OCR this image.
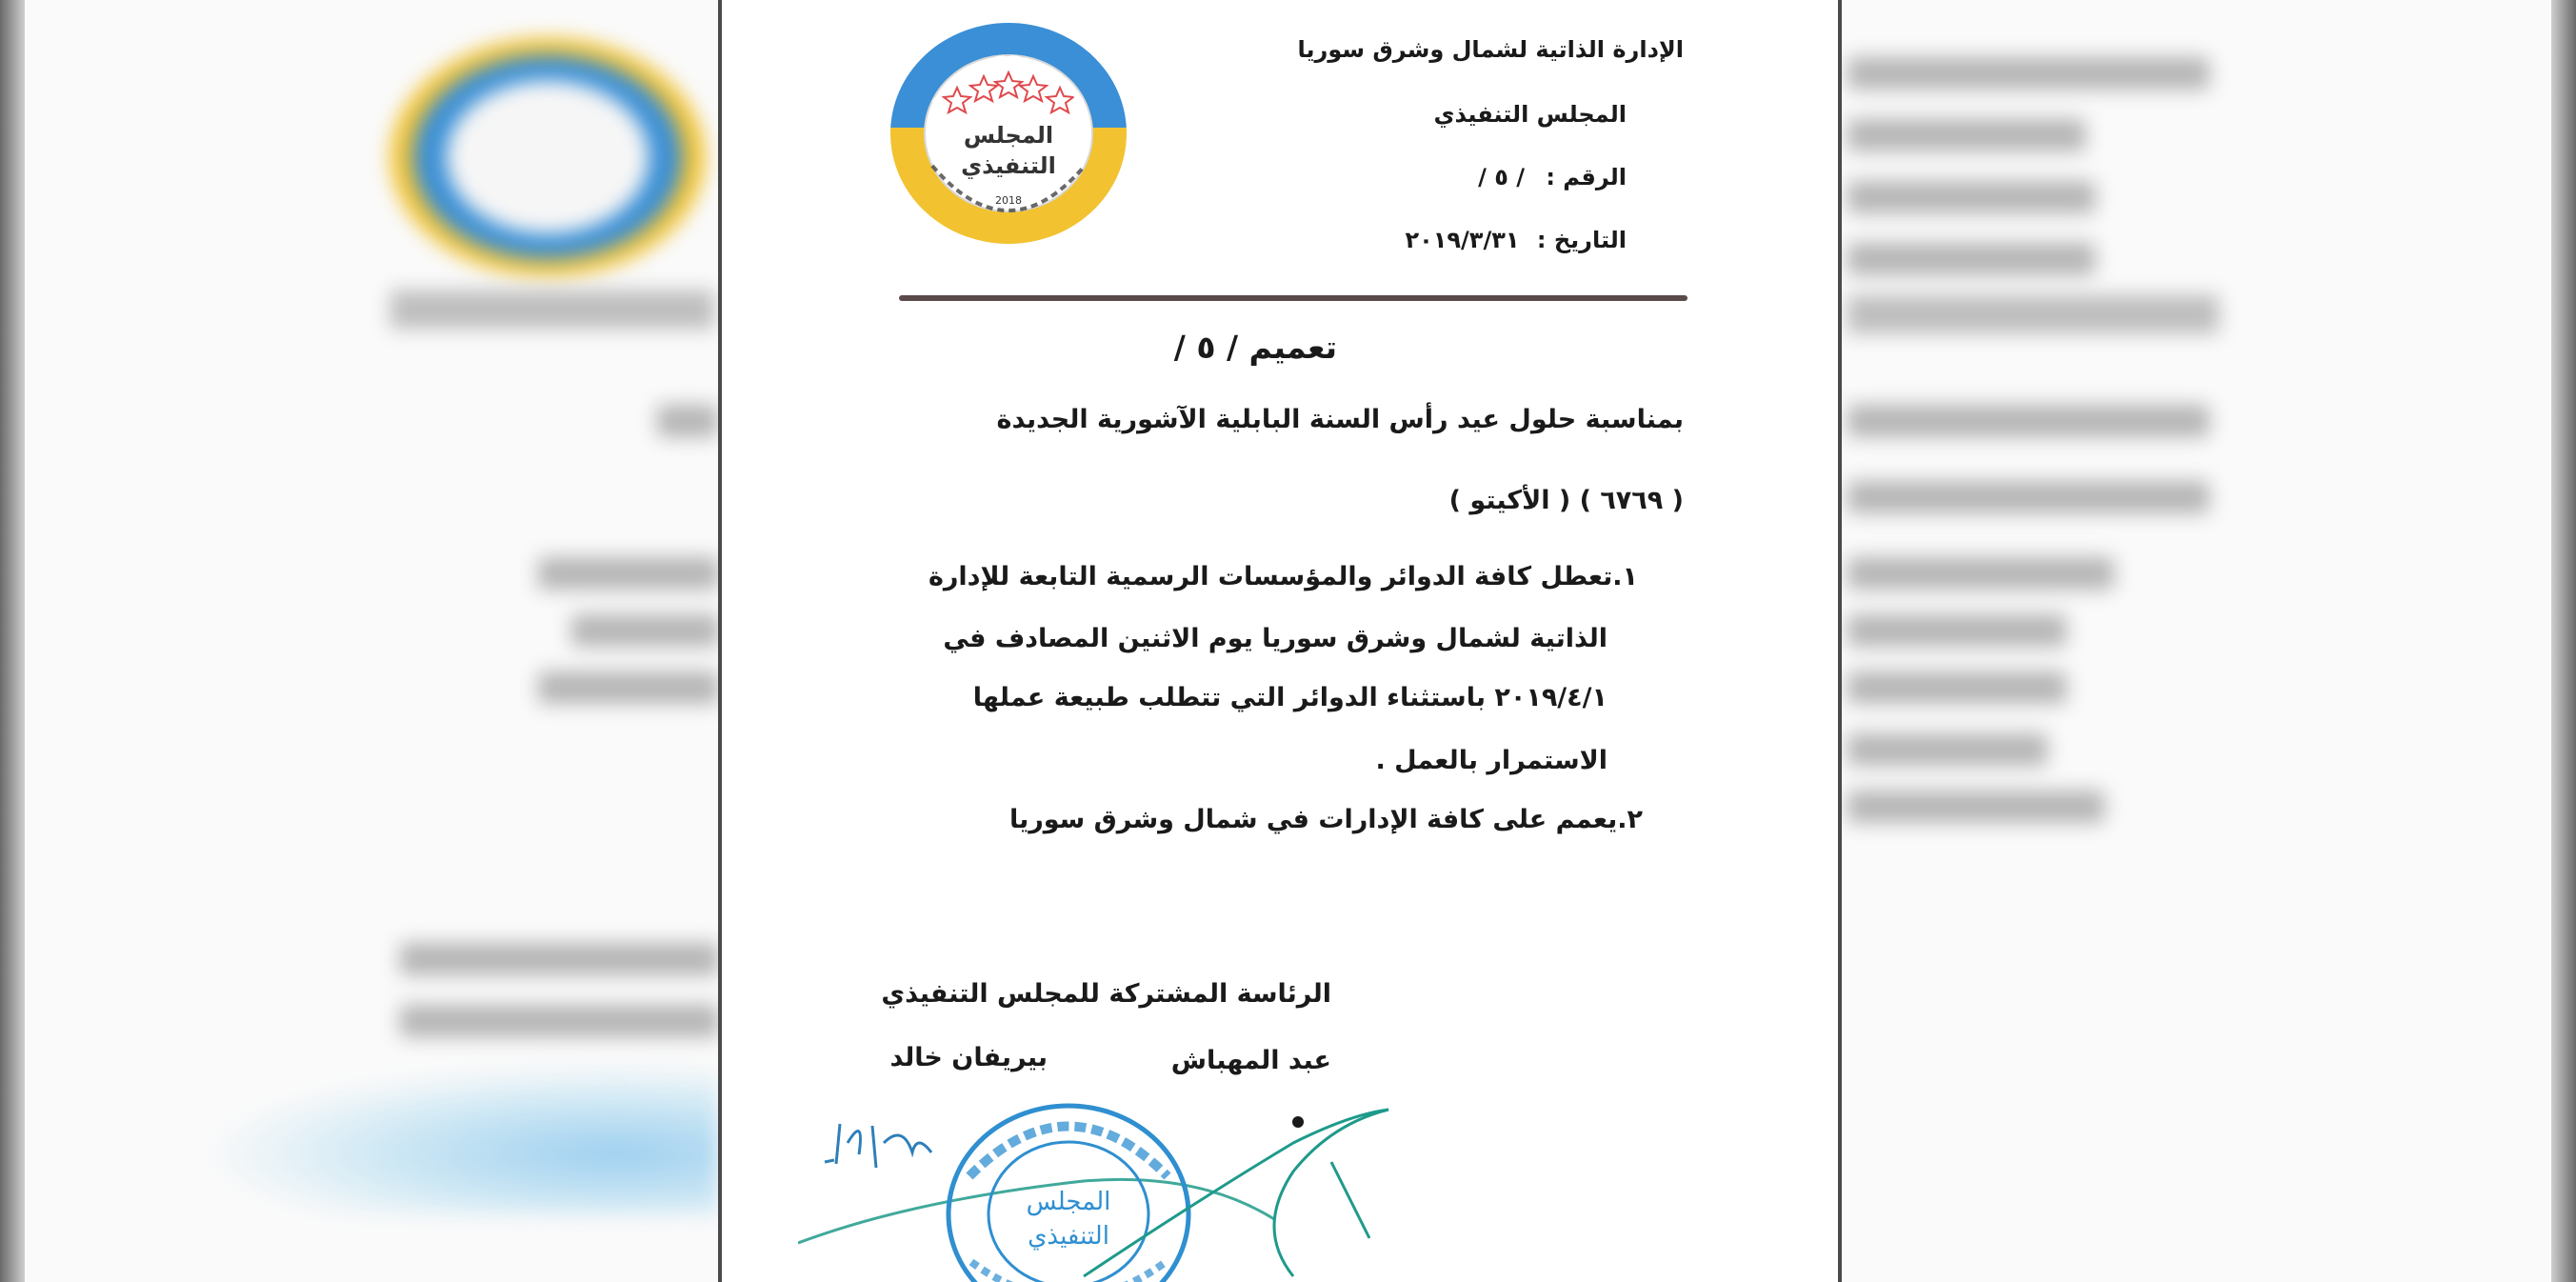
الإدارة الذاتية لشمال وشرق سوريا
المجلس التنفيذي
الرقم : / ٥ /
التاريخ : ٢٠١٩/٣/٣١
المجلس
التنفيذي
2018
تعميم / ٥ /
بمناسبة حلول عيد رأس السنة البابلية الآشورية الجديدة
( ٦٧٦٩ ) ( الأكيتو )
١.تعطل كافة الدوائر والمؤسسات الرسمية التابعة للإدارة
الذاتية لشمال وشرق سوريا يوم الاثنين المصادف في
٢٠١٩/٤/١ باستثناء الدوائر التي تتطلب طبيعة عملها
الاستمرار بالعمل .
٢.يعمم على كافة الإدارات في شمال وشرق سوريا
الرئاسة المشتركة للمجلس التنفيذي
عبد المهباش
بيريفان خالد
المجلس
التنفيذي
